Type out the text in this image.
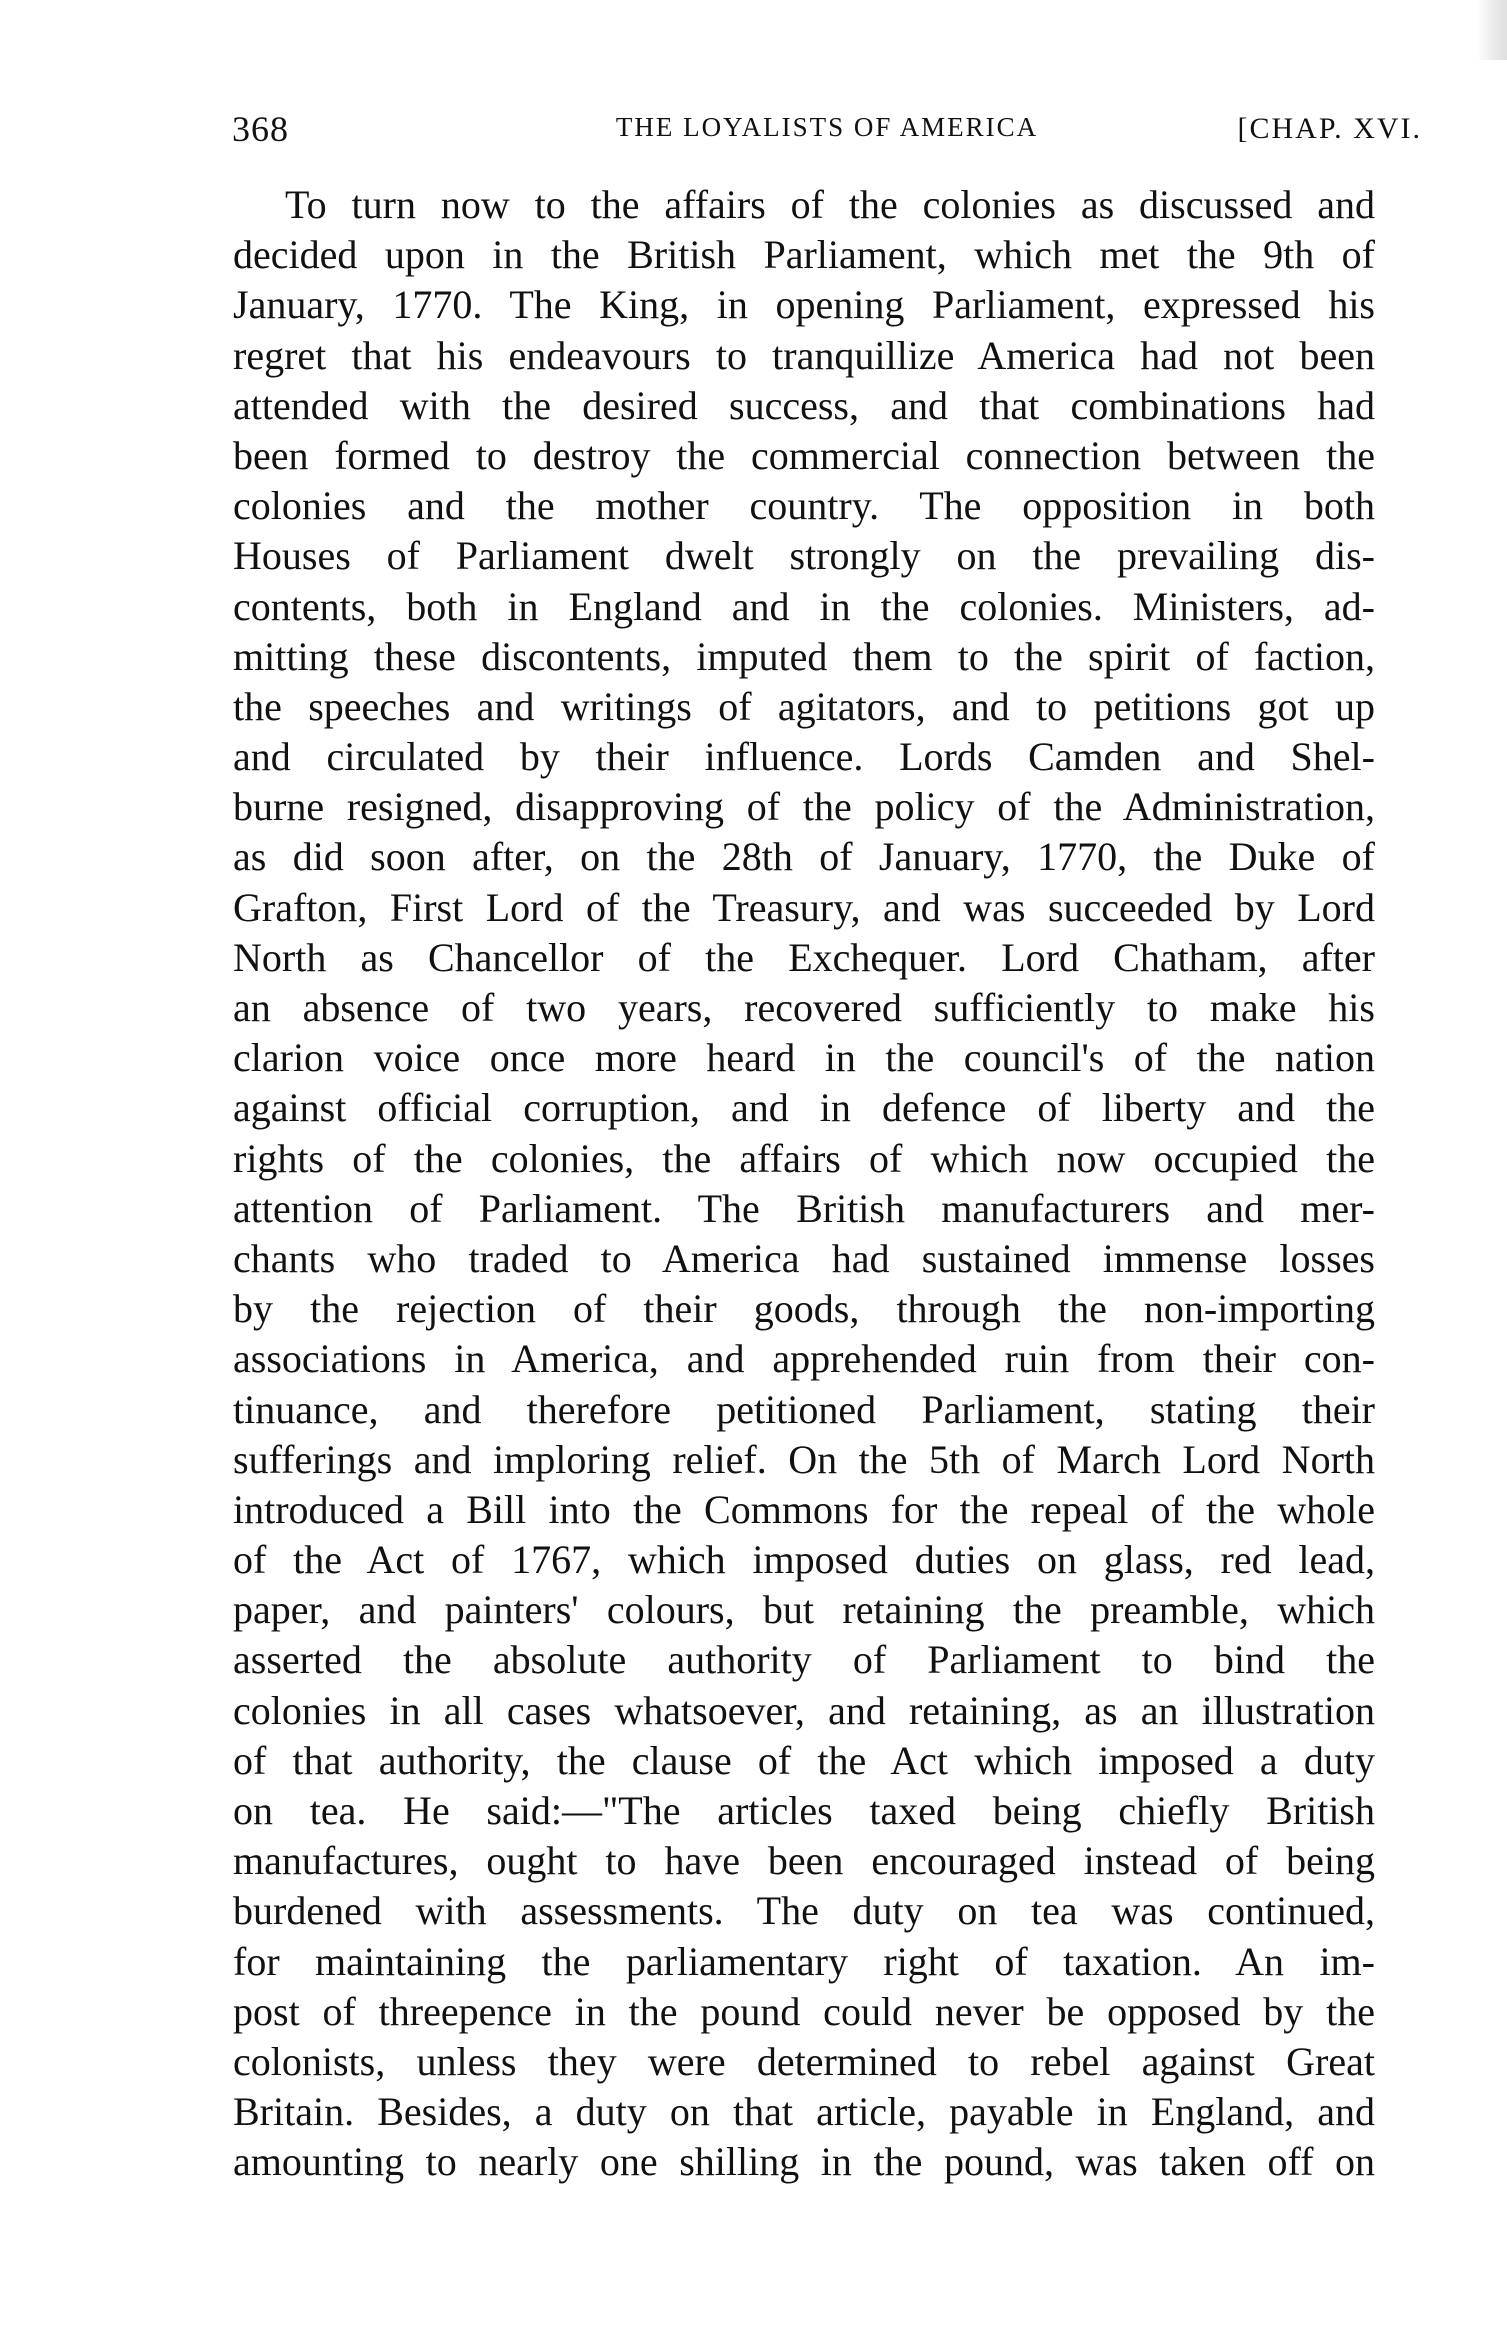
368	THE LOYALISTS OF AMERICA	[CHAP. XVI.
To turn now to the affairs of the colonies as discussed and
decided upon in the British Parliament, which met the 9th of
January, 1770. The King, in opening Parliament, expressed his
regret that his endeavours to tranquillize America had not been
attended with the desired success, and that combinations had
been formed to destroy the commercial connection between the
colonies and the mother country. The opposition in both
Houses of Parliament dwelt strongly on the prevailing dis-
contents, both in England and in the colonies. Ministers, ad-
mitting these discontents, imputed them to the spirit of faction,
the speeches and writings of agitators, and to petitions got up
and circulated by their influence. Lords Camden and Shel-
burne resigned, disapproving of the policy of the Administration,
as did soon after, on the 28th of January, 1770, the Duke of
Grafton, First Lord of the Treasury, and was succeeded by Lord
North as Chancellor of the Exchequer. Lord Chatham, after
an absence of two years, recovered sufficiently to make his
clarion voice once more heard in the council's of the nation
against official corruption, and in defence of liberty and the
rights of the colonies, the affairs of which now occupied the
attention of Parliament. The British manufacturers and mer-
chants who traded to America had sustained immense losses
by the rejection of their goods, through the non-importing
associations in America, and apprehended ruin from their con-
tinuance, and therefore petitioned Parliament, stating their
sufferings and imploring relief. On the 5th of March Lord North
introduced a Bill into the Commons for the repeal of the whole
of the Act of 1767, which imposed duties on glass, red lead,
paper, and painters' colours, but retaining the preamble, which
asserted the absolute authority of Parliament to bind the
colonies in all cases whatsoever, and retaining, as an illustration
of that authority, the clause of the Act which imposed a duty
on tea. He said:—"The articles taxed being chiefly British
manufactures, ought to have been encouraged instead of being
burdened with assessments. The duty on tea was continued,
for maintaining the parliamentary right of taxation. An im-
post of threepence in the pound could never be opposed by the
colonists, unless they were determined to rebel against Great
Britain. Besides, a duty on that article, payable in England, and
amounting to nearly one shilling in the pound, was taken off on
